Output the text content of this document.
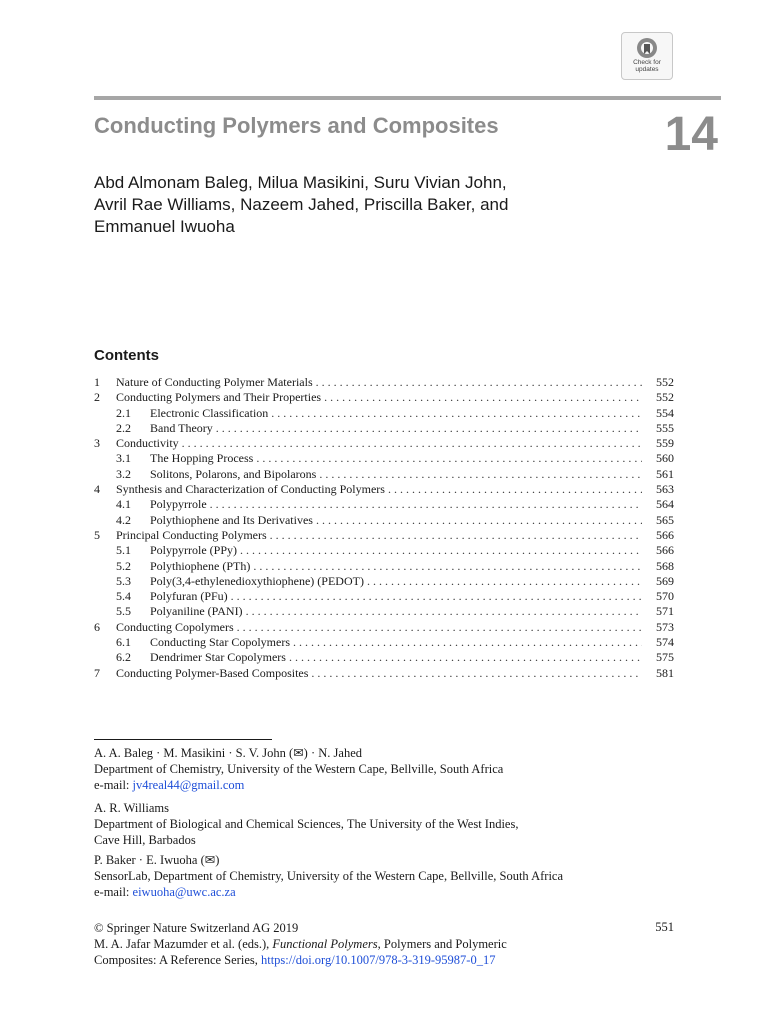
Check for
updates
Conducting Polymers and Composites	14
Abd Almonam Baleg, Milua Masikini, Suru Vivian John,
Avril Rae Williams, Nazeem Jahed, Priscilla Baker, and
Emmanuel Iwuoha
Contents
1	Nature of Conducting Polymer Materials . . .	552
2	Conducting Polymers and Their Properties . . .	552
2.1	Electronic Classification . . .	554
2.2	Band Theory . . .	555
3	Conductivity . . .	559
3.1	The Hopping Process . . .	560
3.2	Solitons, Polarons, and Bipolarons . . .	561
4	Synthesis and Characterization of Conducting Polymers . . .	563
4.1	Polypyrrole . . .	564
4.2	Polythiophene and Its Derivatives . . .	565
5	Principal Conducting Polymers . . .	566
5.1	Polypyrrole (PPy) . . .	566
5.2	Polythiophene (PTh) . . .	568
5.3	Poly(3,4-ethylenedioxythiophene) (PEDOT) . . .	569
5.4	Polyfuran (PFu) . . .	570
5.5	Polyaniline (PANI) . . .	571
6	Conducting Copolymers . . .	573
6.1	Conducting Star Copolymers . . .	574
6.2	Dendrimer Star Copolymers . . .	575
7	Conducting Polymer-Based Composites . . .	581
A. A. Baleg · M. Masikini · S. V. John (✉) · N. Jahed
Department of Chemistry, University of the Western Cape, Bellville, South Africa
e-mail: jv4real44@gmail.com
A. R. Williams
Department of Biological and Chemical Sciences, The University of the West Indies,
Cave Hill, Barbados
P. Baker · E. Iwuoha (✉)
SensorLab, Department of Chemistry, University of the Western Cape, Bellville, South Africa
e-mail: eiwuoha@uwc.ac.za
© Springer Nature Switzerland AG 2019
M. A. Jafar Mazumder et al. (eds.), Functional Polymers, Polymers and Polymeric
Composites: A Reference Series, https://doi.org/10.1007/978-3-319-95987-0_17
551
